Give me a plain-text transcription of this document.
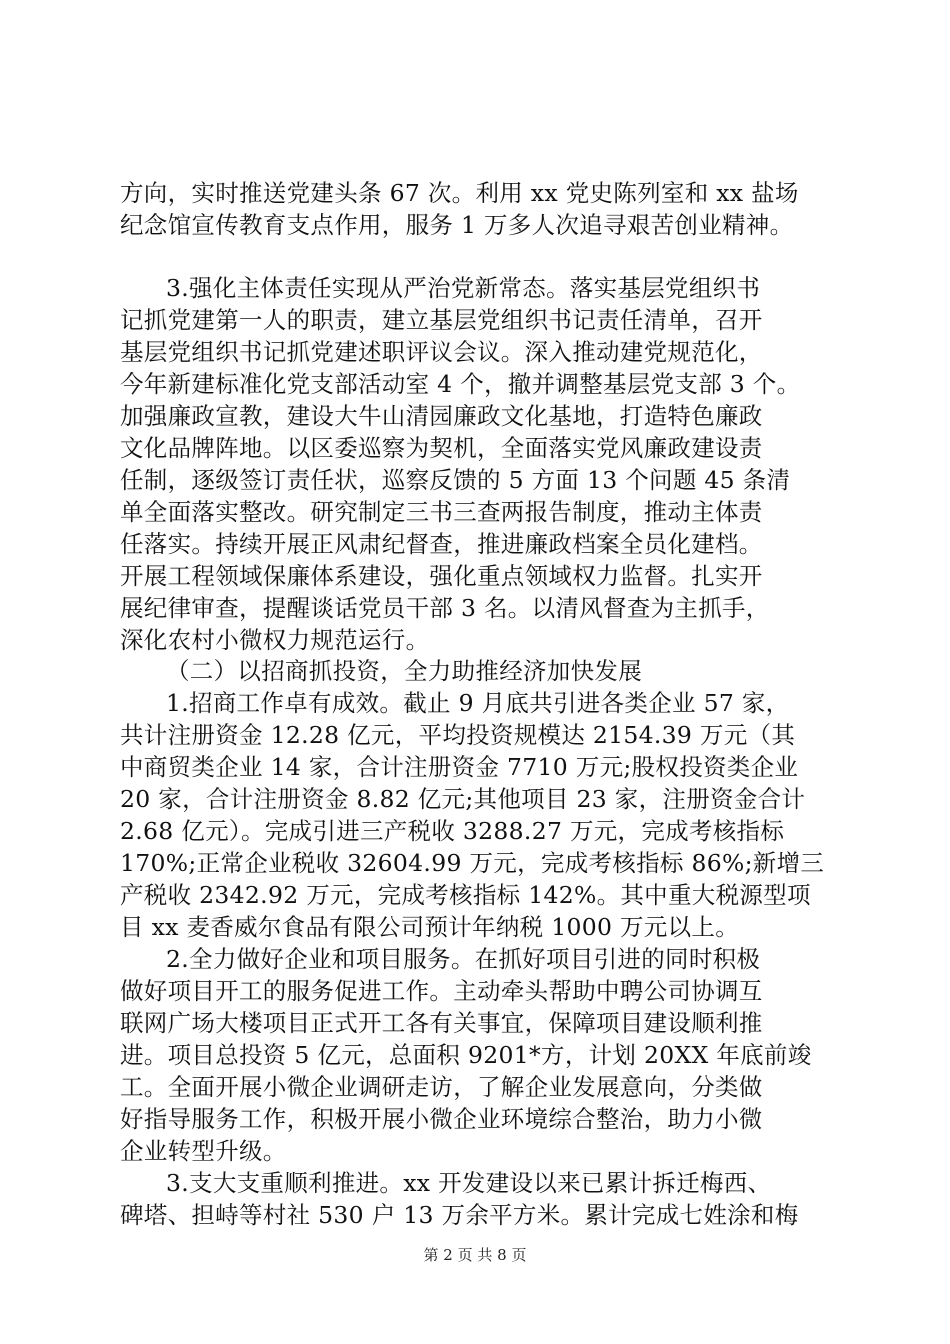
方向，实时推送党建头条 67 次。利用 xx 党史陈列室和 xx 盐场
纪念馆宣传教育支点作用，服务 1 万多人次追寻艰苦创业精神。
3.强化主体责任实现从严治党新常态。落实基层党组织书
记抓党建第一人的职责，建立基层党组织书记责任清单，召开
基层党组织书记抓党建述职评议会议。深入推动建党规范化，
今年新建标准化党支部活动室 4 个，撤并调整基层党支部 3 个。
加强廉政宣教，建设大牛山清园廉政文化基地，打造特色廉政
文化品牌阵地。以区委巡察为契机，全面落实党风廉政建设责
任制，逐级签订责任状，巡察反馈的 5 方面 13 个问题 45 条清
单全面落实整改。研究制定三书三查两报告制度，推动主体责
任落实。持续开展正风肃纪督查，推进廉政档案全员化建档。
开展工程领域保廉体系建设，强化重点领域权力监督。扎实开
展纪律审查，提醒谈话党员干部 3 名。以清风督查为主抓手，
深化农村小微权力规范运行。
（二）以招商抓投资，全力助推经济加快发展
1.招商工作卓有成效。截止 9 月底共引进各类企业 57 家，
共计注册资金 12.28 亿元，平均投资规模达 2154.39 万元（其
中商贸类企业 14 家，合计注册资金 7710 万元;股权投资类企业
20 家，合计注册资金 8.82 亿元;其他项目 23 家，注册资金合计
2.68 亿元）。完成引进三产税收 3288.27 万元，完成考核指标
170%;正常企业税收 32604.99 万元，完成考核指标 86%;新增三
产税收 2342.92 万元，完成考核指标 142%。其中重大税源型项
目 xx 麦香威尔食品有限公司预计年纳税 1000 万元以上。
2.全力做好企业和项目服务。在抓好项目引进的同时积极
做好项目开工的服务促进工作。主动牵头帮助中聘公司协调互
联网广场大楼项目正式开工各有关事宜，保障项目建设顺利推
进。项目总投资 5 亿元，总面积 9201*方，计划 20XX 年底前竣
工。全面开展小微企业调研走访，了解企业发展意向，分类做
好指导服务工作，积极开展小微企业环境综合整治，助力小微
企业转型升级。
3.支大支重顺利推进。xx 开发建设以来已累计拆迁梅西、
碑塔、担峙等村社 530 户 13 万余平方米。累计完成七姓涂和梅
第 2 页 共 8 页
